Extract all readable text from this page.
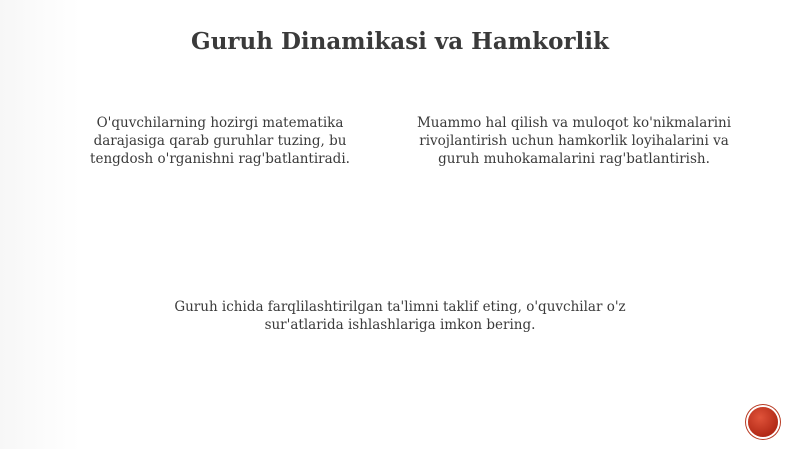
Guruh Dinamikasi va Hamkorlik
O'quvchilarning hozirgi matematika darajasiga qarab guruhlar tuzing, bu tengdosh o'rganishni rag'batlantiradi.
Muammo hal qilish va muloqot ko'nikmalarini rivojlantirish uchun hamkorlik loyihalarini va guruh muhokamalarini rag'batlantirish.
Guruh ichida farqlilashtirilgan ta'limni taklif eting, o'quvchilar o'z sur'atlarida ishlashlariga imkon bering.
